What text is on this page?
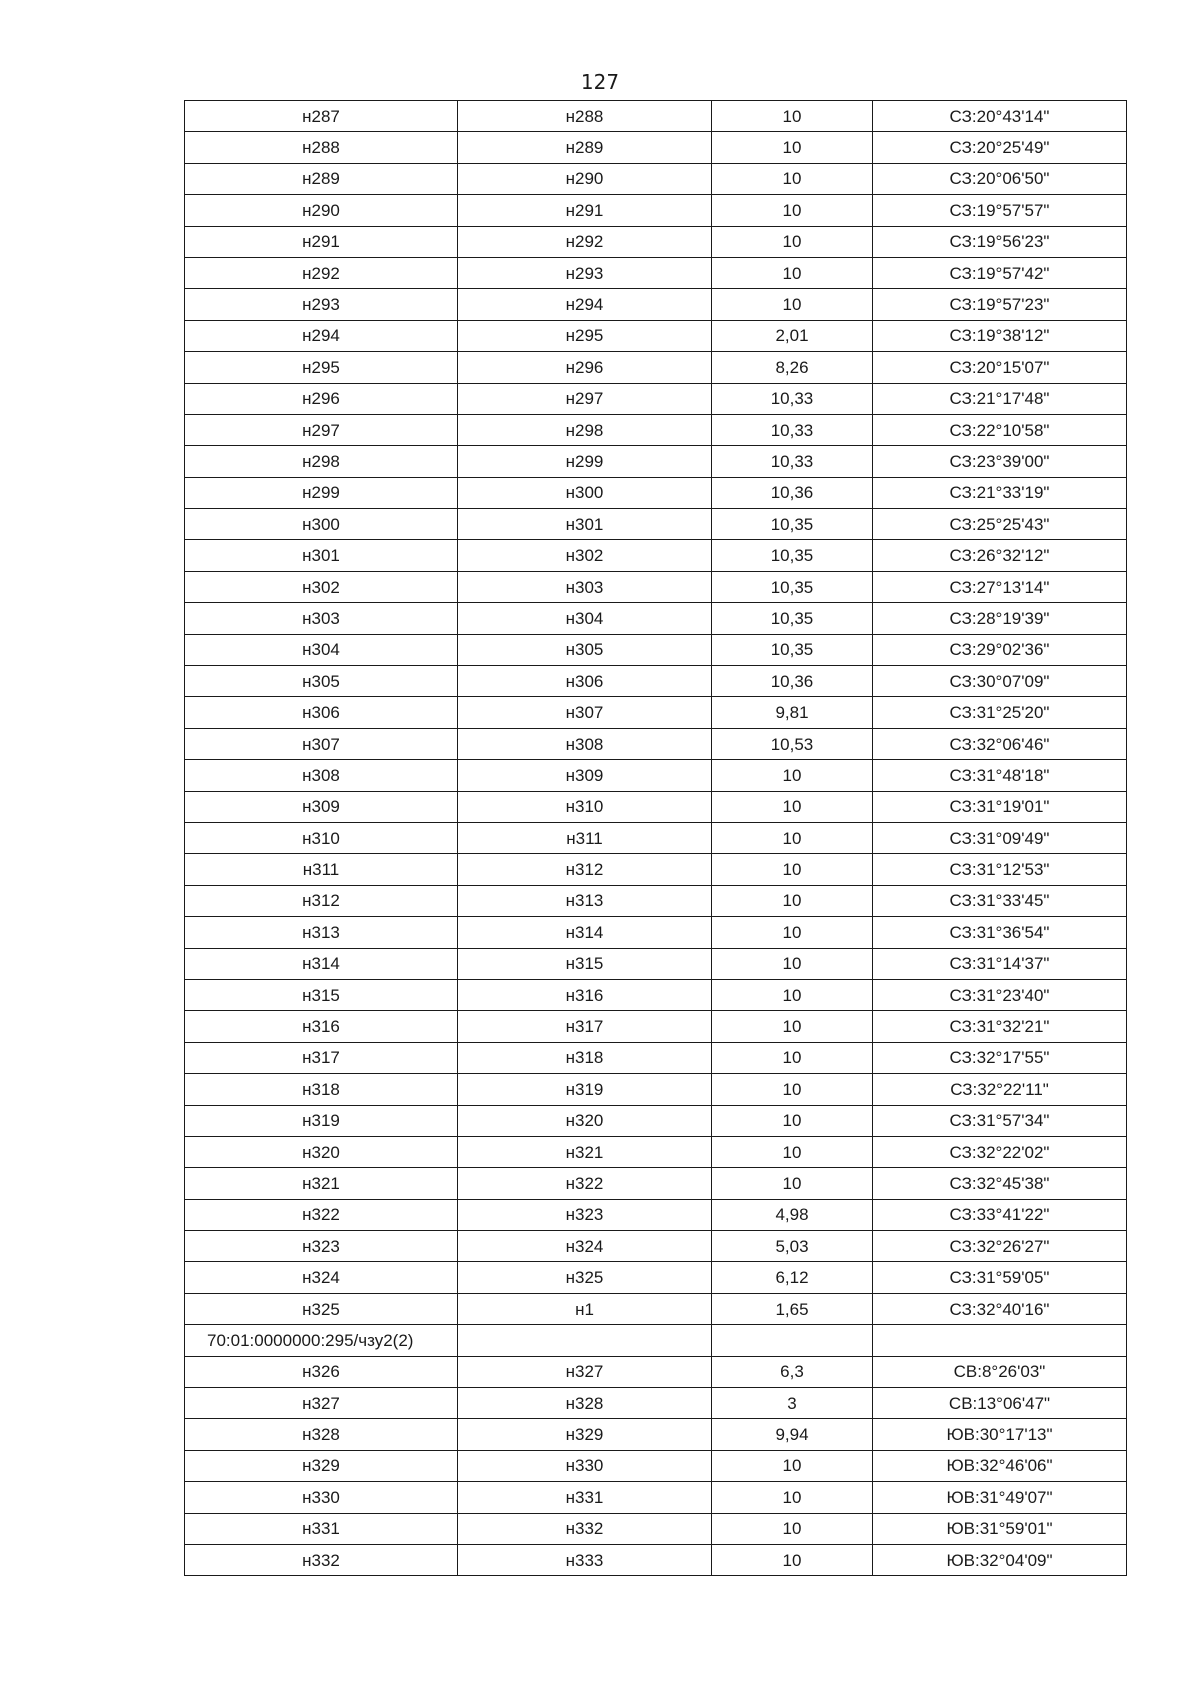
127
н287	н288	10	СЗ:20°43'14"
н288	н289	10	СЗ:20°25'49"
н289	н290	10	СЗ:20°06'50"
н290	н291	10	СЗ:19°57'57"
н291	н292	10	СЗ:19°56'23"
н292	н293	10	СЗ:19°57'42"
н293	н294	10	СЗ:19°57'23"
н294	н295	2,01	СЗ:19°38'12"
н295	н296	8,26	СЗ:20°15'07"
н296	н297	10,33	СЗ:21°17'48"
н297	н298	10,33	СЗ:22°10'58"
н298	н299	10,33	СЗ:23°39'00"
н299	н300	10,36	СЗ:21°33'19"
н300	н301	10,35	СЗ:25°25'43"
н301	н302	10,35	СЗ:26°32'12"
н302	н303	10,35	СЗ:27°13'14"
н303	н304	10,35	СЗ:28°19'39"
н304	н305	10,35	СЗ:29°02'36"
н305	н306	10,36	СЗ:30°07'09"
н306	н307	9,81	СЗ:31°25'20"
н307	н308	10,53	СЗ:32°06'46"
н308	н309	10	СЗ:31°48'18"
н309	н310	10	СЗ:31°19'01"
н310	н311	10	СЗ:31°09'49"
н311	н312	10	СЗ:31°12'53"
н312	н313	10	СЗ:31°33'45"
н313	н314	10	СЗ:31°36'54"
н314	н315	10	СЗ:31°14'37"
н315	н316	10	СЗ:31°23'40"
н316	н317	10	СЗ:31°32'21"
н317	н318	10	СЗ:32°17'55"
н318	н319	10	СЗ:32°22'11"
н319	н320	10	СЗ:31°57'34"
н320	н321	10	СЗ:32°22'02"
н321	н322	10	СЗ:32°45'38"
н322	н323	4,98	СЗ:33°41'22"
н323	н324	5,03	СЗ:32°26'27"
н324	н325	6,12	СЗ:31°59'05"
н325	н1	1,65	СЗ:32°40'16"
70:01:0000000:295/чзу2(2)			
н326	н327	6,3	СВ:8°26'03"
н327	н328	3	СВ:13°06'47"
н328	н329	9,94	ЮВ:30°17'13"
н329	н330	10	ЮВ:32°46'06"
н330	н331	10	ЮВ:31°49'07"
н331	н332	10	ЮВ:31°59'01"
н332	н333	10	ЮВ:32°04'09"
